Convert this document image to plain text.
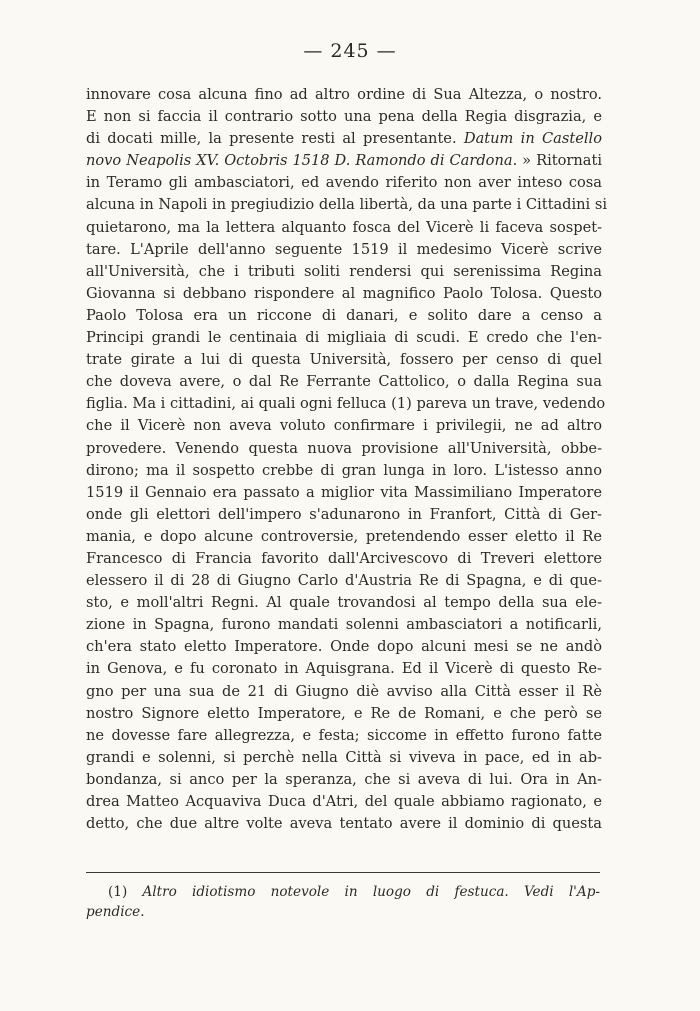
— 245 —
innovare cosa alcuna fino ad altro ordine di Sua Altezza, o nostro.
E non si faccia il contrario sotto una pena della Regia disgrazia, e
di docati mille, la presente resti al presentante. Datum in Castello
novo Neapolis XV. Octobris 1518 D. Ramondo di Cardona. » Ritornati
in Teramo gli ambasciatori, ed avendo riferito non aver inteso cosa
alcuna in Napoli in pregiudizio della libertà, da una parte i Cittadini si
quietarono, ma la lettera alquanto fosca del Vicerè li faceva sospet-
tare. L'Aprile dell'anno seguente 1519 il medesimo Vicerè scrive
all'Università, che i tributi soliti rendersi qui serenissima Regina
Giovanna si debbano rispondere al magnifico Paolo Tolosa. Questo
Paolo Tolosa era un riccone di danari, e solito dare a censo a
Principi grandi le centinaia di migliaia di scudi. E credo che l'en-
trate girate a lui di questa Università, fossero per censo di quel
che doveva avere, o dal Re Ferrante Cattolico, o dalla Regina sua
figlia. Ma i cittadini, ai quali ogni felluca (1) pareva un trave, vedendo
che il Vicerè non aveva voluto confirmare i privilegii, ne ad altro
provedere. Venendo questa nuova provisione all'Università, obbe-
dirono; ma il sospetto crebbe di gran lunga in loro. L'istesso anno
1519 il Gennaio era passato a miglior vita Massimiliano Imperatore
onde gli elettori dell'impero s'adunarono in Franfort, Città di Ger-
mania, e dopo alcune controversie, pretendendo esser eletto il Re
Francesco di Francia favorito dall'Arcivescovo di Treveri elettore
elessero il di 28 di Giugno Carlo d'Austria Re di Spagna, e di que-
sto, e moll'altri Regni. Al quale trovandosi al tempo della sua ele-
zione in Spagna, furono mandati solenni ambasciatori a notificarli,
ch'era stato eletto Imperatore. Onde dopo alcuni mesi se ne andò
in Genova, e fu coronato in Aquisgrana. Ed il Vicerè di questo Re-
gno per una sua de 21 di Giugno diè avviso alla Città esser il Rè
nostro Signore eletto Imperatore, e Re de Romani, e che però se
ne dovesse fare allegrezza, e festa; siccome in effetto furono fatte
grandi e solenni, si perchè nella Città si viveva in pace, ed in ab-
bondanza, si anco per la speranza, che si aveva di lui. Ora in An-
drea Matteo Acquaviva Duca d'Atri, del quale abbiamo ragionato, e
detto, che due altre volte aveva tentato avere il dominio di questa
(1) Altro idiotismo notevole in luogo di festuca. Vedi l'Ap-
pendice.
